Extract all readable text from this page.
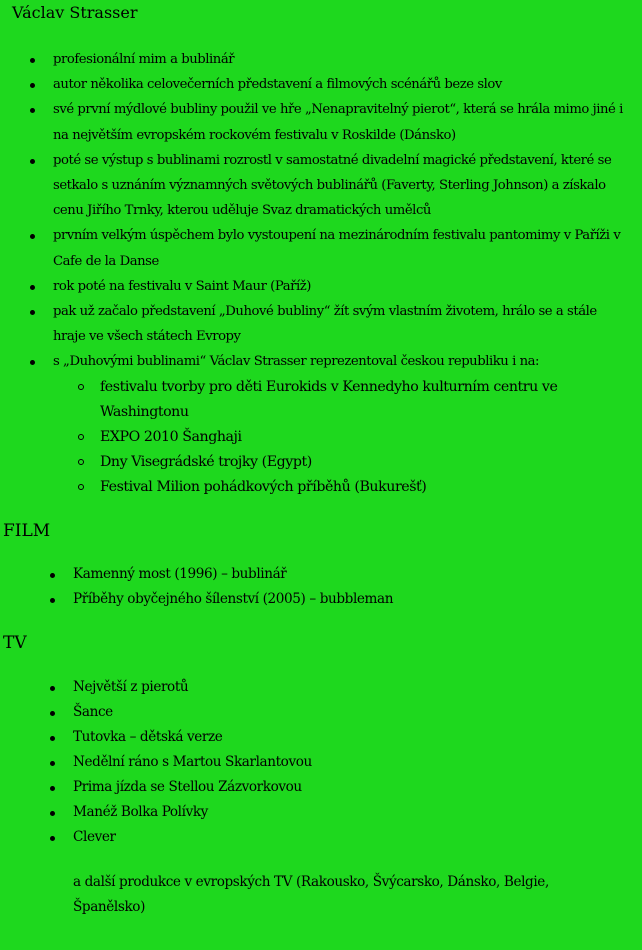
Václav Strasser
profesionální mim a bublinář
autor několika celovečerních představení a filmových scénářů beze slov
své první mýdlové bubliny použil ve hře „Nenapravitelný pierot“, která se hrála mimo jiné i na největším evropském rockovém festivalu v Roskilde (Dánsko)
poté se výstup s bublinami rozrostl v samostatné divadelní magické představení, které se setkalo s uznáním významných světových bublinářů (Faverty, Sterling Johnson) a získalo cenu Jiřího Trnky, kterou uděluje Svaz dramatických umělců
prvním velkým úspěchem bylo vystoupení na mezinárodním festivalu pantomimy v Paříži v Cafe de la Danse
rok poté na festivalu v Saint Maur (Paříž)
pak už začalo představení „Duhové bubliny“ žít svým vlastním životem, hrálo se a stále hraje ve všech státech Evropy
s „Duhovými bublinami“ Václav Strasser reprezentoval českou republiku i na:
festivalu tvorby pro děti Eurokids v Kennedyho kulturním centru ve Washingtonu
EXPO 2010 Šanghaji
Dny Visegrádské trojky (Egypt)
Festival Milion pohádkových příběhů (Bukurešť)
FILM
Kamenný most (1996) – bublinář
Příběhy obyčejného šílenství (2005) – bubbleman
TV
Největší z pierotů
Šance
Tutovka – dětská verze
Nedělní ráno s Martou Skarlantovou
Prima jízda se Stellou Zázvorkovou
Manéž Bolka Polívky
Clever

a další produkce v evropských TV (Rakousko, Švýcarsko, Dánsko, Belgie, Španělsko)
